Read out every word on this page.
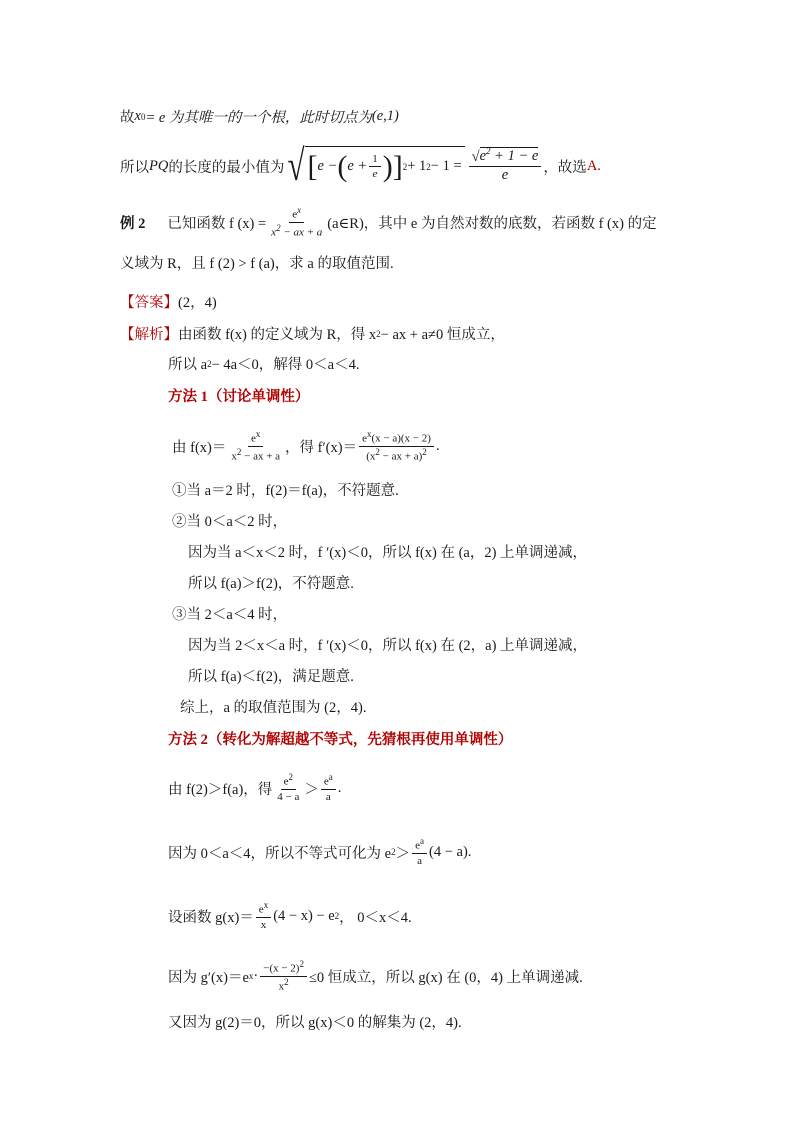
故 x 0 = e 为其唯一的一个根，此时切点为 (e,1)
所以 PQ 的长度的最小值为 √ [ e − ( $e + \frac{1}{e}$ ) ] 2 + 1 $2 - 1 = \frac{√e^2 + 1 - e}{e}$ ，故选 A.
例 2 已知函数 f $(x) = \frac{e^x}{x^2 - ax + a}$ (a∈R)，其中 e 为自然对数的底数，若函数 f (x) 的定
义域为 R，且 f (2) > f (a)，求 a 的取值范围.
【答案】 (2，4)
【解析】 由函数 f(x) 的定义域为 R，得 x 2 − ax + a≠0 恒成立，
所以 a 2 − 4a＜0，解得 0＜a＜4.
方法 1（讨论单调性）
由 $f(x)= \frac{e^x}{x^2 - ax + a}$ ，得 $f'(x)= \frac{e^x(x - a)(x - 2)}{(x^2 - ax + a)^2}$ .
①当 a＝2 时，f(2)＝f(a)，不符题意.
②当 0＜a＜2 时，
因为当 a＜x＜2 时，f ′(x)＜0，所以 f(x) 在 (a，2) 上单调递减，
所以 f(a)＞f(2)，不符题意.
③当 2＜a＜4 时，
因为当 2＜x＜a 时，f ′(x)＜0，所以 f(x) 在 (2，a) 上单调递减，
所以 f(a)＜f(2)，满足题意.
综上，a 的取值范围为 (2，4).
方法 2（转化为解超越不等式，先猜根再使用单调性）
由 f(2)＞f(a)，得 $\frac{e^2}{4 - a} > \frac{e^a}{a}$ .
因为 0＜a＜4，所以不等式可化为 e $2 > \frac{e^a}{a} (4 - a)$.
设函数 $g(x)= \frac{e^x}{x} (4 - x) - e$ 2 ， 0＜x＜4.
因为 g′(x)＝e $x \cdot \frac{-(x - 2)^2}{x^2} \le 0$ 恒成立，所以 g(x) 在 (0，4) 上单调递减.
又因为 g(2)＝0，所以 g(x)＜0 的解集为 (2，4).
